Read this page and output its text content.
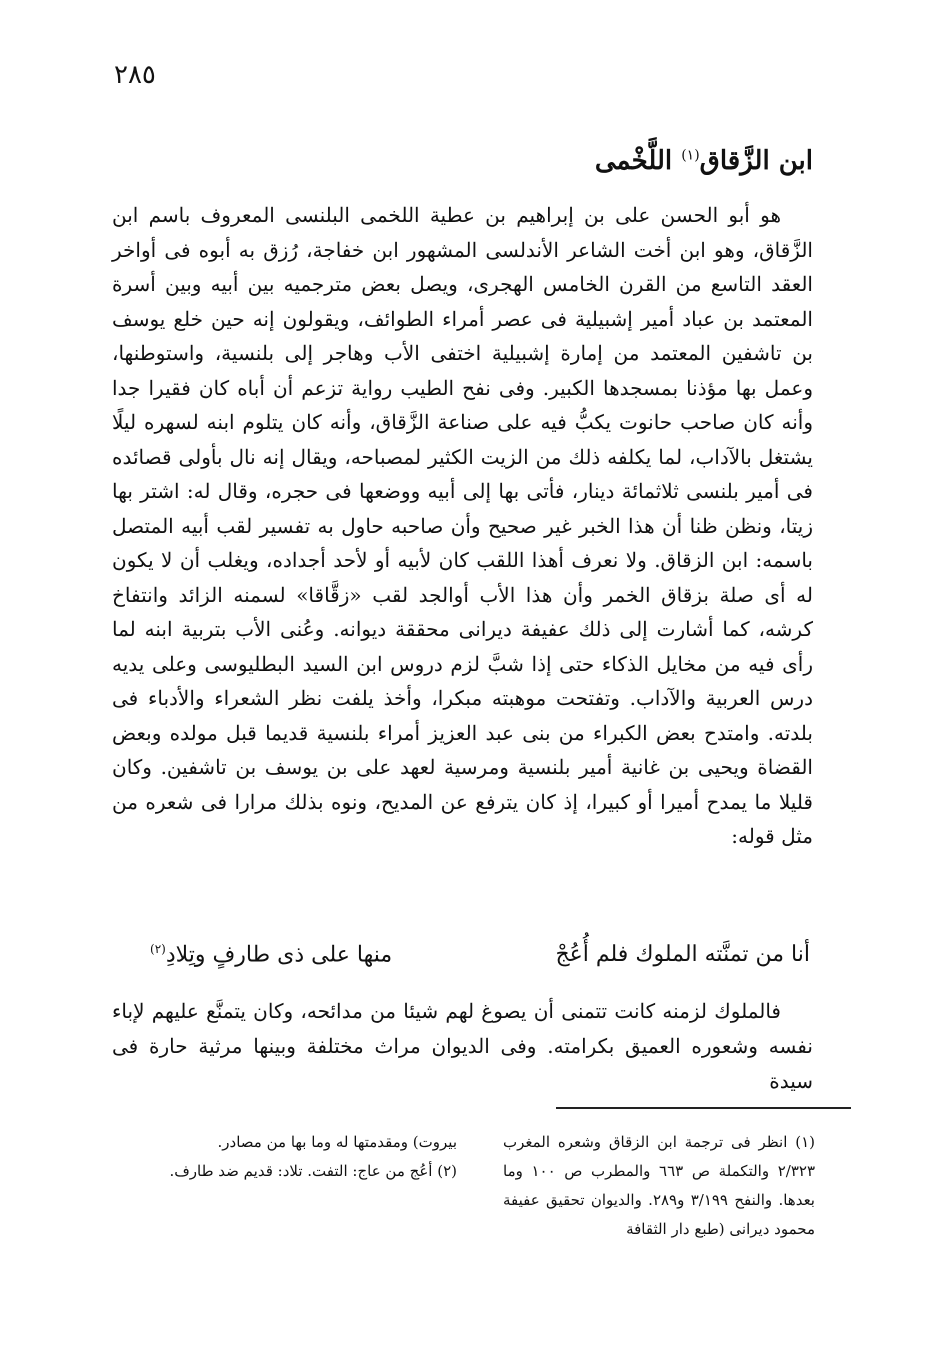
٢٨٥
ابن الزَّقاق$^{(١)}$ اللَّخْمى

هو أبو الحسن على بن إبراهيم بن عطية اللخمى البلنسى المعروف باسم ابن الزَّقاق، وهو ابن أخت الشاعر الأندلسى المشهور ابن خفاجة، رُزق به أبوه فى أواخر العقد التاسع من القرن الخامس الهجرى، ويصل بعض مترجميه بين أبيه وبين أسرة المعتمد بن عباد أمير إشبيلية فى عصر أمراء الطوائف، ويقولون إنه حين خلع يوسف بن تاشفين المعتمد من إمارة إشبيلية اختفى الأب وهاجر إلى بلنسية، واستوطنها، وعمل بها مؤذنا بمسجدها الكبير. وفى نفح الطيب رواية تزعم أن أباه كان فقيرا جدا وأنه كان صاحب حانوت يكبُّ فيه على صناعة الزَّقاق، وأنه كان يتلوم ابنه لسهره ليلًا يشتغل بالآداب، لما يكلفه ذلك من الزيت الكثير لمصباحه، ويقال إنه نال بأولى قصائده فى أمير بلنسى ثلاثمائة دينار، فأتى بها إلى أبيه ووضعها فى حجره، وقال له: اشتر بها زيتا، ونظن ظنا أن هذا الخبر غير صحيح وأن صاحبه حاول به تفسير لقب أبيه المتصل باسمه: ابن الزقاق. ولا نعرف أهذا اللقب كان لأبيه أو لأحد أجداده، ويغلب أن لا يكون له أى صلة بزقاق الخمر وأن هذا الأب أوالجد لقب «زقَّاقا» لسمنه الزائد وانتفاخ كرشه، كما أشارت إلى ذلك عفيفة ديرانى محققة ديوانه. وعُنى الأب بتربية ابنه لما رأى فيه من مخايل الذكاء حتى إذا شبَّ لزم دروس ابن السيد البطليوسى وعلى يديه درس العربية والآداب. وتفتحت موهبته مبكرا، وأخذ يلفت نظر الشعراء والأدباء فى بلدته. وامتدح بعض الكبراء من بنى عبد العزيز أمراء بلنسية قديما قبل مولده وبعض القضاة ويحيى بن غانية أمير بلنسية ومرسية لعهد على بن يوسف بن تاشفين. وكان قليلا ما يمدح أميرا أو كبيرا، إذ كان يترفع عن المديح، ونوه بذلك مرارا فى شعره من مثل قوله:

أنا من تمنَّته الملوك فلم أُعُجْ
منها على ذى طارفٍ وتِلادِ$^{(٢)}$

فالملوك لزمنه كانت تتمنى أن يصوغ لهم شيئا من مدائحه، وكان يتمنَّع عليهم لإباء نفسه وشعوره العميق بكرامته. وفى الديوان مراث مختلفة وبينها مرثية حارة فى سيدة

(١) انظر فى ترجمة ابن الزقاق وشعره المغرب ٢/٣٢٣ والتكملة ص ٦٦٣ والمطرب ص ١٠٠ وما بعدها. والنفح ٣/١٩٩ و٢٨٩. والديوان تحقيق عفيفة محمود ديرانى (طبع دار الثقافة

بيروت) ومقدمتها له وما بها من مصادر.

(٢) أعُج من عاج: التفت. تلاد: قديم ضد طارف.
